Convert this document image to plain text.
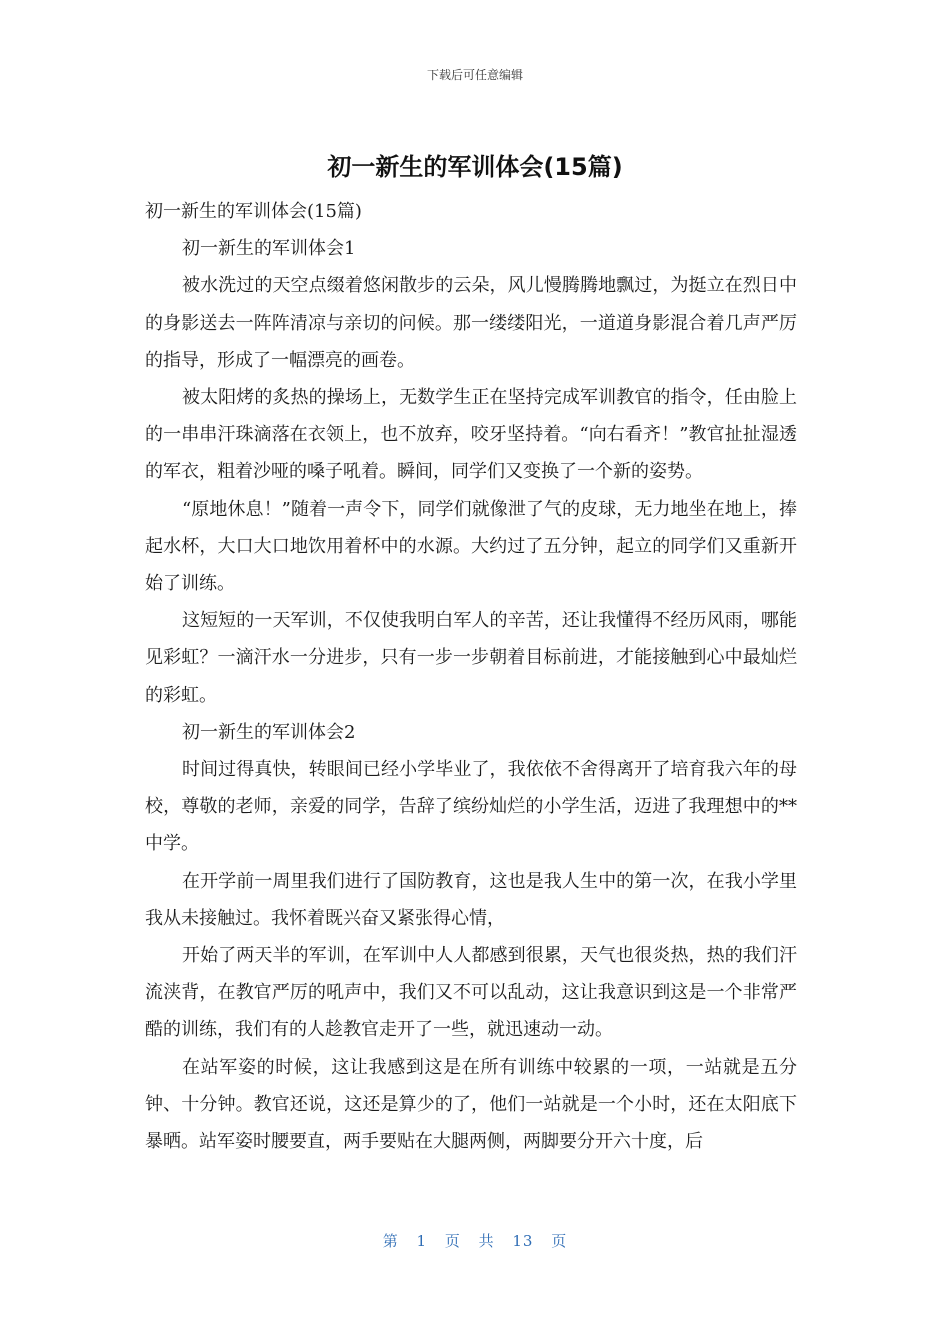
下载后可任意编辑
初一新生的军训体会(15篇)

初一新生的军训体会(15篇)

初一新生的军训体会1

被水洗过的天空点缀着悠闲散步的云朵，风儿慢腾腾地飘过，为挺立在烈日中的身影送去一阵阵清凉与亲切的问候。那一缕缕阳光，一道道身影混合着几声严厉的指导，形成了一幅漂亮的画卷。

被太阳烤的炙热的操场上，无数学生正在坚持完成军训教官的指令，任由脸上的一串串汗珠滴落在衣领上，也不放弃，咬牙坚持着。“向右看齐！”教官扯扯湿透的军衣，粗着沙哑的嗓子吼着。瞬间，同学们又变换了一个新的姿势。

“原地休息！”随着一声令下，同学们就像泄了气的皮球，无力地坐在地上，捧起水杯，大口大口地饮用着杯中的水源。大约过了五分钟，起立的同学们又重新开始了训练。

这短短的一天军训，不仅使我明白军人的辛苦，还让我懂得不经历风雨，哪能见彩虹？一滴汗水一分进步，只有一步一步朝着目标前进，才能接触到心中最灿烂的彩虹。

初一新生的军训体会2

时间过得真快，转眼间已经小学毕业了，我依依不舍得离开了培育我六年的母校，尊敬的老师，亲爱的同学，告辞了缤纷灿烂的小学生活，迈进了我理想中的**中学。

在开学前一周里我们进行了国防教育，这也是我人生中的第一次，在我小学里我从未接触过。我怀着既兴奋又紧张得心情，

开始了两天半的军训，在军训中人人都感到很累，天气也很炎热，热的我们汗流浃背，在教官严厉的吼声中，我们又不可以乱动，这让我意识到这是一个非常严酷的训练，我们有的人趁教官走开了一些，就迅速动一动。

在站军姿的时候，这让我感到这是在所有训练中较累的一项，一站就是五分钟、十分钟。教官还说，这还是算少的了，他们一站就是一个小时，还在太阳底下暴晒。站军姿时腰要直，两手要贴在大腿两侧，两脚要分开六十度，后

第 1 页 共 13 页
